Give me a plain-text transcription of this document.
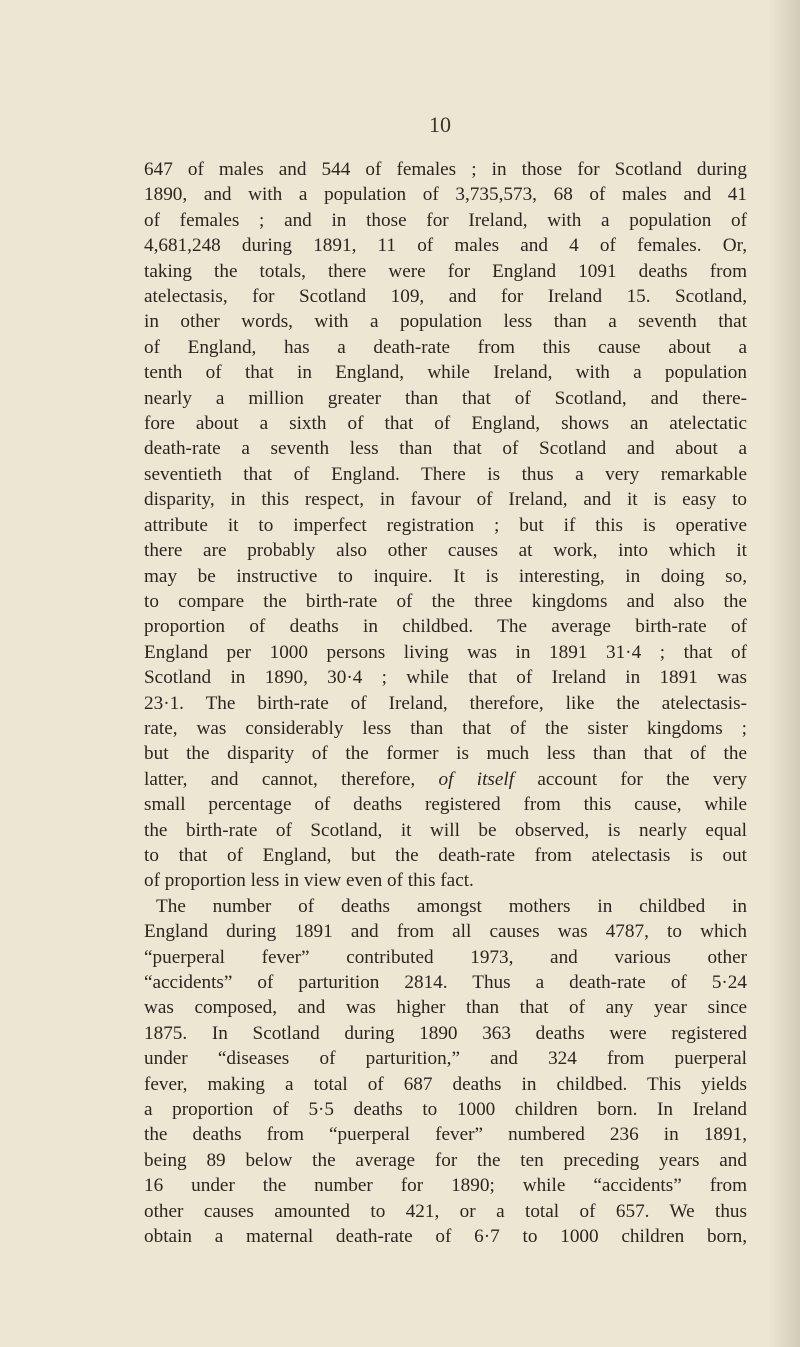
10
647 of males and 544 of females ; in those for Scotland during
1890, and with a population of 3,735,573, 68 of males and 41
of females ; and in those for Ireland, with a population of
4,681,248 during 1891, 11 of males and 4 of females. Or,
taking the totals, there were for England 1091 deaths from
atelectasis, for Scotland 109, and for Ireland 15. Scotland,
in other words, with a population less than a seventh that
of England, has a death-rate from this cause about a
tenth of that in England, while Ireland, with a population
nearly a million greater than that of Scotland, and there-
fore about a sixth of that of England, shows an atelectatic
death-rate a seventh less than that of Scotland and about a
seventieth that of England. There is thus a very remarkable
disparity, in this respect, in favour of Ireland, and it is easy to
attribute it to imperfect registration ; but if this is operative
there are probably also other causes at work, into which it
may be instructive to inquire. It is interesting, in doing so,
to compare the birth-rate of the three kingdoms and also the
proportion of deaths in childbed. The average birth-rate of
England per 1000 persons living was in 1891 31·4 ; that of
Scotland in 1890, 30·4 ; while that of Ireland in 1891 was
23·1. The birth-rate of Ireland, therefore, like the atelectasis-
rate, was considerably less than that of the sister kingdoms ;
but the disparity of the former is much less than that of the
latter, and cannot, therefore, of itself account for the very
small percentage of deaths registered from this cause, while
the birth-rate of Scotland, it will be observed, is nearly equal
to that of England, but the death-rate from atelectasis is out
of proportion less in view even of this fact.
The number of deaths amongst mothers in childbed in
England during 1891 and from all causes was 4787, to which
“puerperal fever” contributed 1973, and various other
“accidents” of parturition 2814. Thus a death-rate of 5·24
was composed, and was higher than that of any year since
1875. In Scotland during 1890 363 deaths were registered
under “diseases of parturition,” and 324 from puerperal
fever, making a total of 687 deaths in childbed. This yields
a proportion of 5·5 deaths to 1000 children born. In Ireland
the deaths from “puerperal fever” numbered 236 in 1891,
being 89 below the average for the ten preceding years and
16 under the number for 1890; while “accidents” from
other causes amounted to 421, or a total of 657. We thus
obtain a maternal death-rate of 6·7 to 1000 children born,
